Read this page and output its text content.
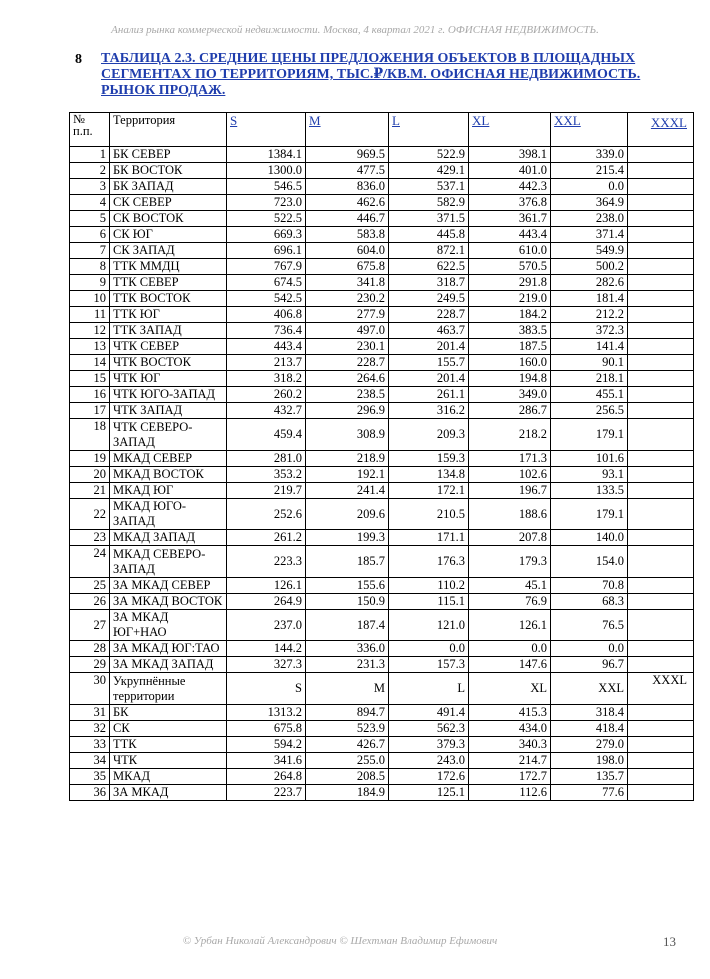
Анализ рынка коммерческой недвижимости. Москва, 4 квартал 2021 г. ОФИСНАЯ НЕДВИЖИМОСТЬ.
8 ТАБЛИЦА 2.3. СРЕДНИЕ ЦЕНЫ ПРЕДЛОЖЕНИЯ ОБЪЕКТОВ В ПЛОЩАДНЫХ СЕГМЕНТАХ ПО ТЕРРИТОРИЯМ, ТЫС.₽/КВ.М. ОФИСНАЯ НЕДВИЖИМОСТЬ. РЫНОК ПРОДАЖ.
№ п.п.	Территория	S	M	L	XL	XXL	XXXL
1	БК СЕВЕР	1384.1	969.5	522.9	398.1	339.0	
2	БК ВОСТОК	1300.0	477.5	429.1	401.0	215.4	
3	БК ЗАПАД	546.5	836.0	537.1	442.3	0.0	
4	СК СЕВЕР	723.0	462.6	582.9	376.8	364.9	
5	СК ВОСТОК	522.5	446.7	371.5	361.7	238.0	
6	СК ЮГ	669.3	583.8	445.8	443.4	371.4	
7	СК ЗАПАД	696.1	604.0	872.1	610.0	549.9	
8	ТТК ММДЦ	767.9	675.8	622.5	570.5	500.2	
9	ТТК СЕВЕР	674.5	341.8	318.7	291.8	282.6	
10	ТТК ВОСТОК	542.5	230.2	249.5	219.0	181.4	
11	ТТК ЮГ	406.8	277.9	228.7	184.2	212.2	
12	ТТК ЗАПАД	736.4	497.0	463.7	383.5	372.3	
13	ЧТК СЕВЕР	443.4	230.1	201.4	187.5	141.4	
14	ЧТК ВОСТОК	213.7	228.7	155.7	160.0	90.1	
15	ЧТК ЮГ	318.2	264.6	201.4	194.8	218.1	
16	ЧТК ЮГО-ЗАПАД	260.2	238.5	261.1	349.0	455.1	
17	ЧТК ЗАПАД	432.7	296.9	316.2	286.7	256.5	
18	ЧТК СЕВЕРО-ЗАПАД	459.4	308.9	209.3	218.2	179.1	
19	МКАД СЕВЕР	281.0	218.9	159.3	171.3	101.6	
20	МКАД ВОСТОК	353.2	192.1	134.8	102.6	93.1	
21	МКАД ЮГ	219.7	241.4	172.1	196.7	133.5	
22	МКАД ЮГО-ЗАПАД	252.6	209.6	210.5	188.6	179.1	
23	МКАД ЗАПАД	261.2	199.3	171.1	207.8	140.0	
24	МКАД СЕВЕРО-ЗАПАД	223.3	185.7	176.3	179.3	154.0	
25	ЗА МКАД СЕВЕР	126.1	155.6	110.2	45.1	70.8	
26	ЗА МКАД ВОСТОК	264.9	150.9	115.1	76.9	68.3	
27	ЗА МКАД ЮГ+НАО	237.0	187.4	121.0	126.1	76.5	
28	ЗА МКАД ЮГ:ТАО	144.2	336.0	0.0	0.0	0.0	
29	ЗА МКАД ЗАПАД	327.3	231.3	157.3	147.6	96.7	
30	Укрупнённые территории	S	M	L	XL	XXL	XXXL
31	БК	1313.2	894.7	491.4	415.3	318.4	
32	СК	675.8	523.9	562.3	434.0	418.4	
33	ТТК	594.2	426.7	379.3	340.3	279.0	
34	ЧТК	341.6	255.0	243.0	214.7	198.0	
35	МКАД	264.8	208.5	172.6	172.7	135.7	
36	ЗА МКАД	223.7	184.9	125.1	112.6	77.6	
© Урбан Николай Александрович © Шехтман Владимир Ефимович	13
